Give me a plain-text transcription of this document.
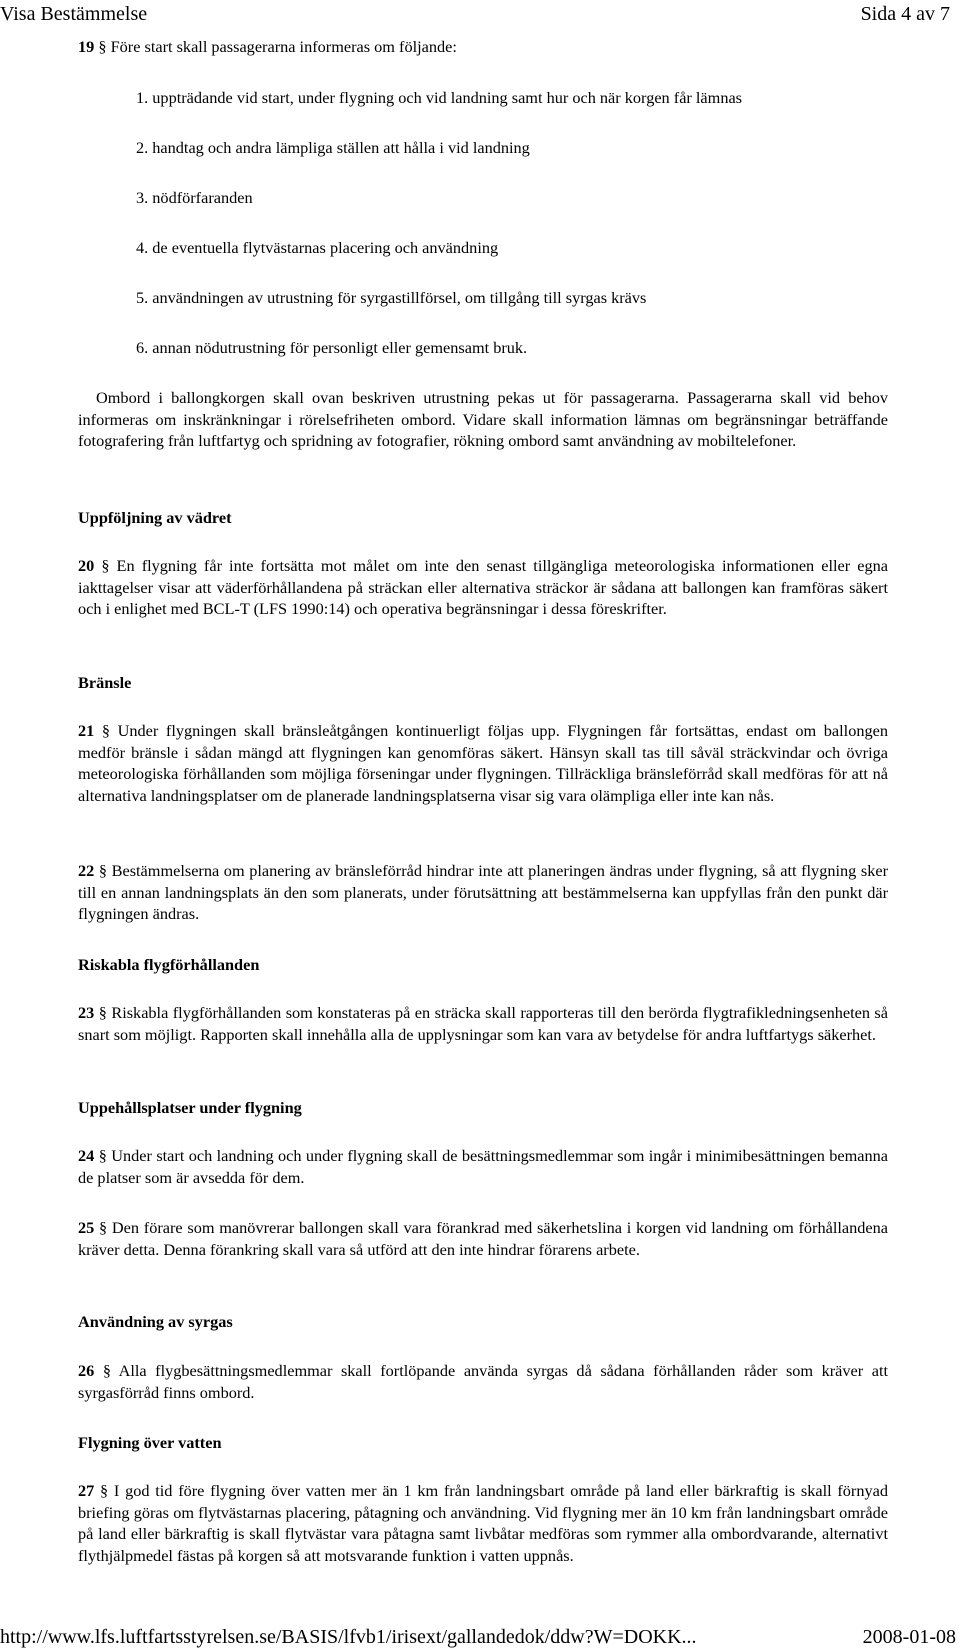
Visa Bestämmelse	Sida 4 av 7
19 § Före start skall passagerarna informeras om följande:
1. uppträdande vid start, under flygning och vid landning samt hur och när korgen får lämnas
2. handtag och andra lämpliga ställen att hålla i vid landning
3. nödförfaranden
4. de eventuella flytvästarnas placering och användning
5. användningen av utrustning för syrgastillförsel, om tillgång till syrgas krävs
6. annan nödutrustning för personligt eller gemensamt bruk.
Ombord i ballongkorgen skall ovan beskriven utrustning pekas ut för passagerarna. Passagerarna skall vid behov informeras om inskränkningar i rörelsefriheten ombord. Vidare skall information lämnas om begränsningar beträffande fotografering från luftfartyg och spridning av fotografier, rökning ombord samt användning av mobiltelefoner.
Uppföljning av vädret
20 § En flygning får inte fortsätta mot målet om inte den senast tillgängliga meteorologiska informationen eller egna iakttagelser visar att väderförhållandena på sträckan eller alternativa sträckor är sådana att ballongen kan framföras säkert och i enlighet med BCL-T (LFS 1990:14) och operativa begränsningar i dessa föreskrifter.
Bränsle
21 § Under flygningen skall bränsleåtgången kontinuerligt följas upp. Flygningen får fortsättas, endast om ballongen medför bränsle i sådan mängd att flygningen kan genomföras säkert. Hänsyn skall tas till såväl sträckvindar och övriga meteorologiska förhållanden som möjliga förseningar under flygningen. Tillräckliga bränsleförråd skall medföras för att nå alternativa landningsplatser om de planerade landningsplatserna visar sig vara olämpliga eller inte kan nås.
22 § Bestämmelserna om planering av bränsleförråd hindrar inte att planeringen ändras under flygning, så att flygning sker till en annan landningsplats än den som planerats, under förutsättning att bestämmelserna kan uppfyllas från den punkt där flygningen ändras.
Riskabla flygförhållanden
23 § Riskabla flygförhållanden som konstateras på en sträcka skall rapporteras till den berörda flygtrafikledningsenheten så snart som möjligt. Rapporten skall innehålla alla de upplysningar som kan vara av betydelse för andra luftfartygs säkerhet.
Uppehållsplatser under flygning
24 § Under start och landning och under flygning skall de besättningsmedlemmar som ingår i minimibesättningen bemanna de platser som är avsedda för dem.
25 § Den förare som manövrerar ballongen skall vara förankrad med säkerhetslina i korgen vid landning om förhållandena kräver detta. Denna förankring skall vara så utförd att den inte hindrar förarens arbete.
Användning av syrgas
26 § Alla flygbesättningsmedlemmar skall fortlöpande använda syrgas då sådana förhållanden råder som kräver att syrgasförråd finns ombord.
Flygning över vatten
27 § I god tid före flygning över vatten mer än 1 km från landningsbart område på land eller bärkraftig is skall förnyad briefing göras om flytvästarnas placering, påtagning och användning. Vid flygning mer än 10 km från landningsbart område på land eller bärkraftig is skall flytvästar vara påtagna samt livbåtar medföras som rymmer alla ombordvarande, alternativt flythjälpmedel fästas på korgen så att motsvarande funktion i vatten uppnås.
http://www.lfs.luftfartsstyrelsen.se/BASIS/lfvb1/irisext/gallandedok/ddw?W=DOKK...	2008-01-08
